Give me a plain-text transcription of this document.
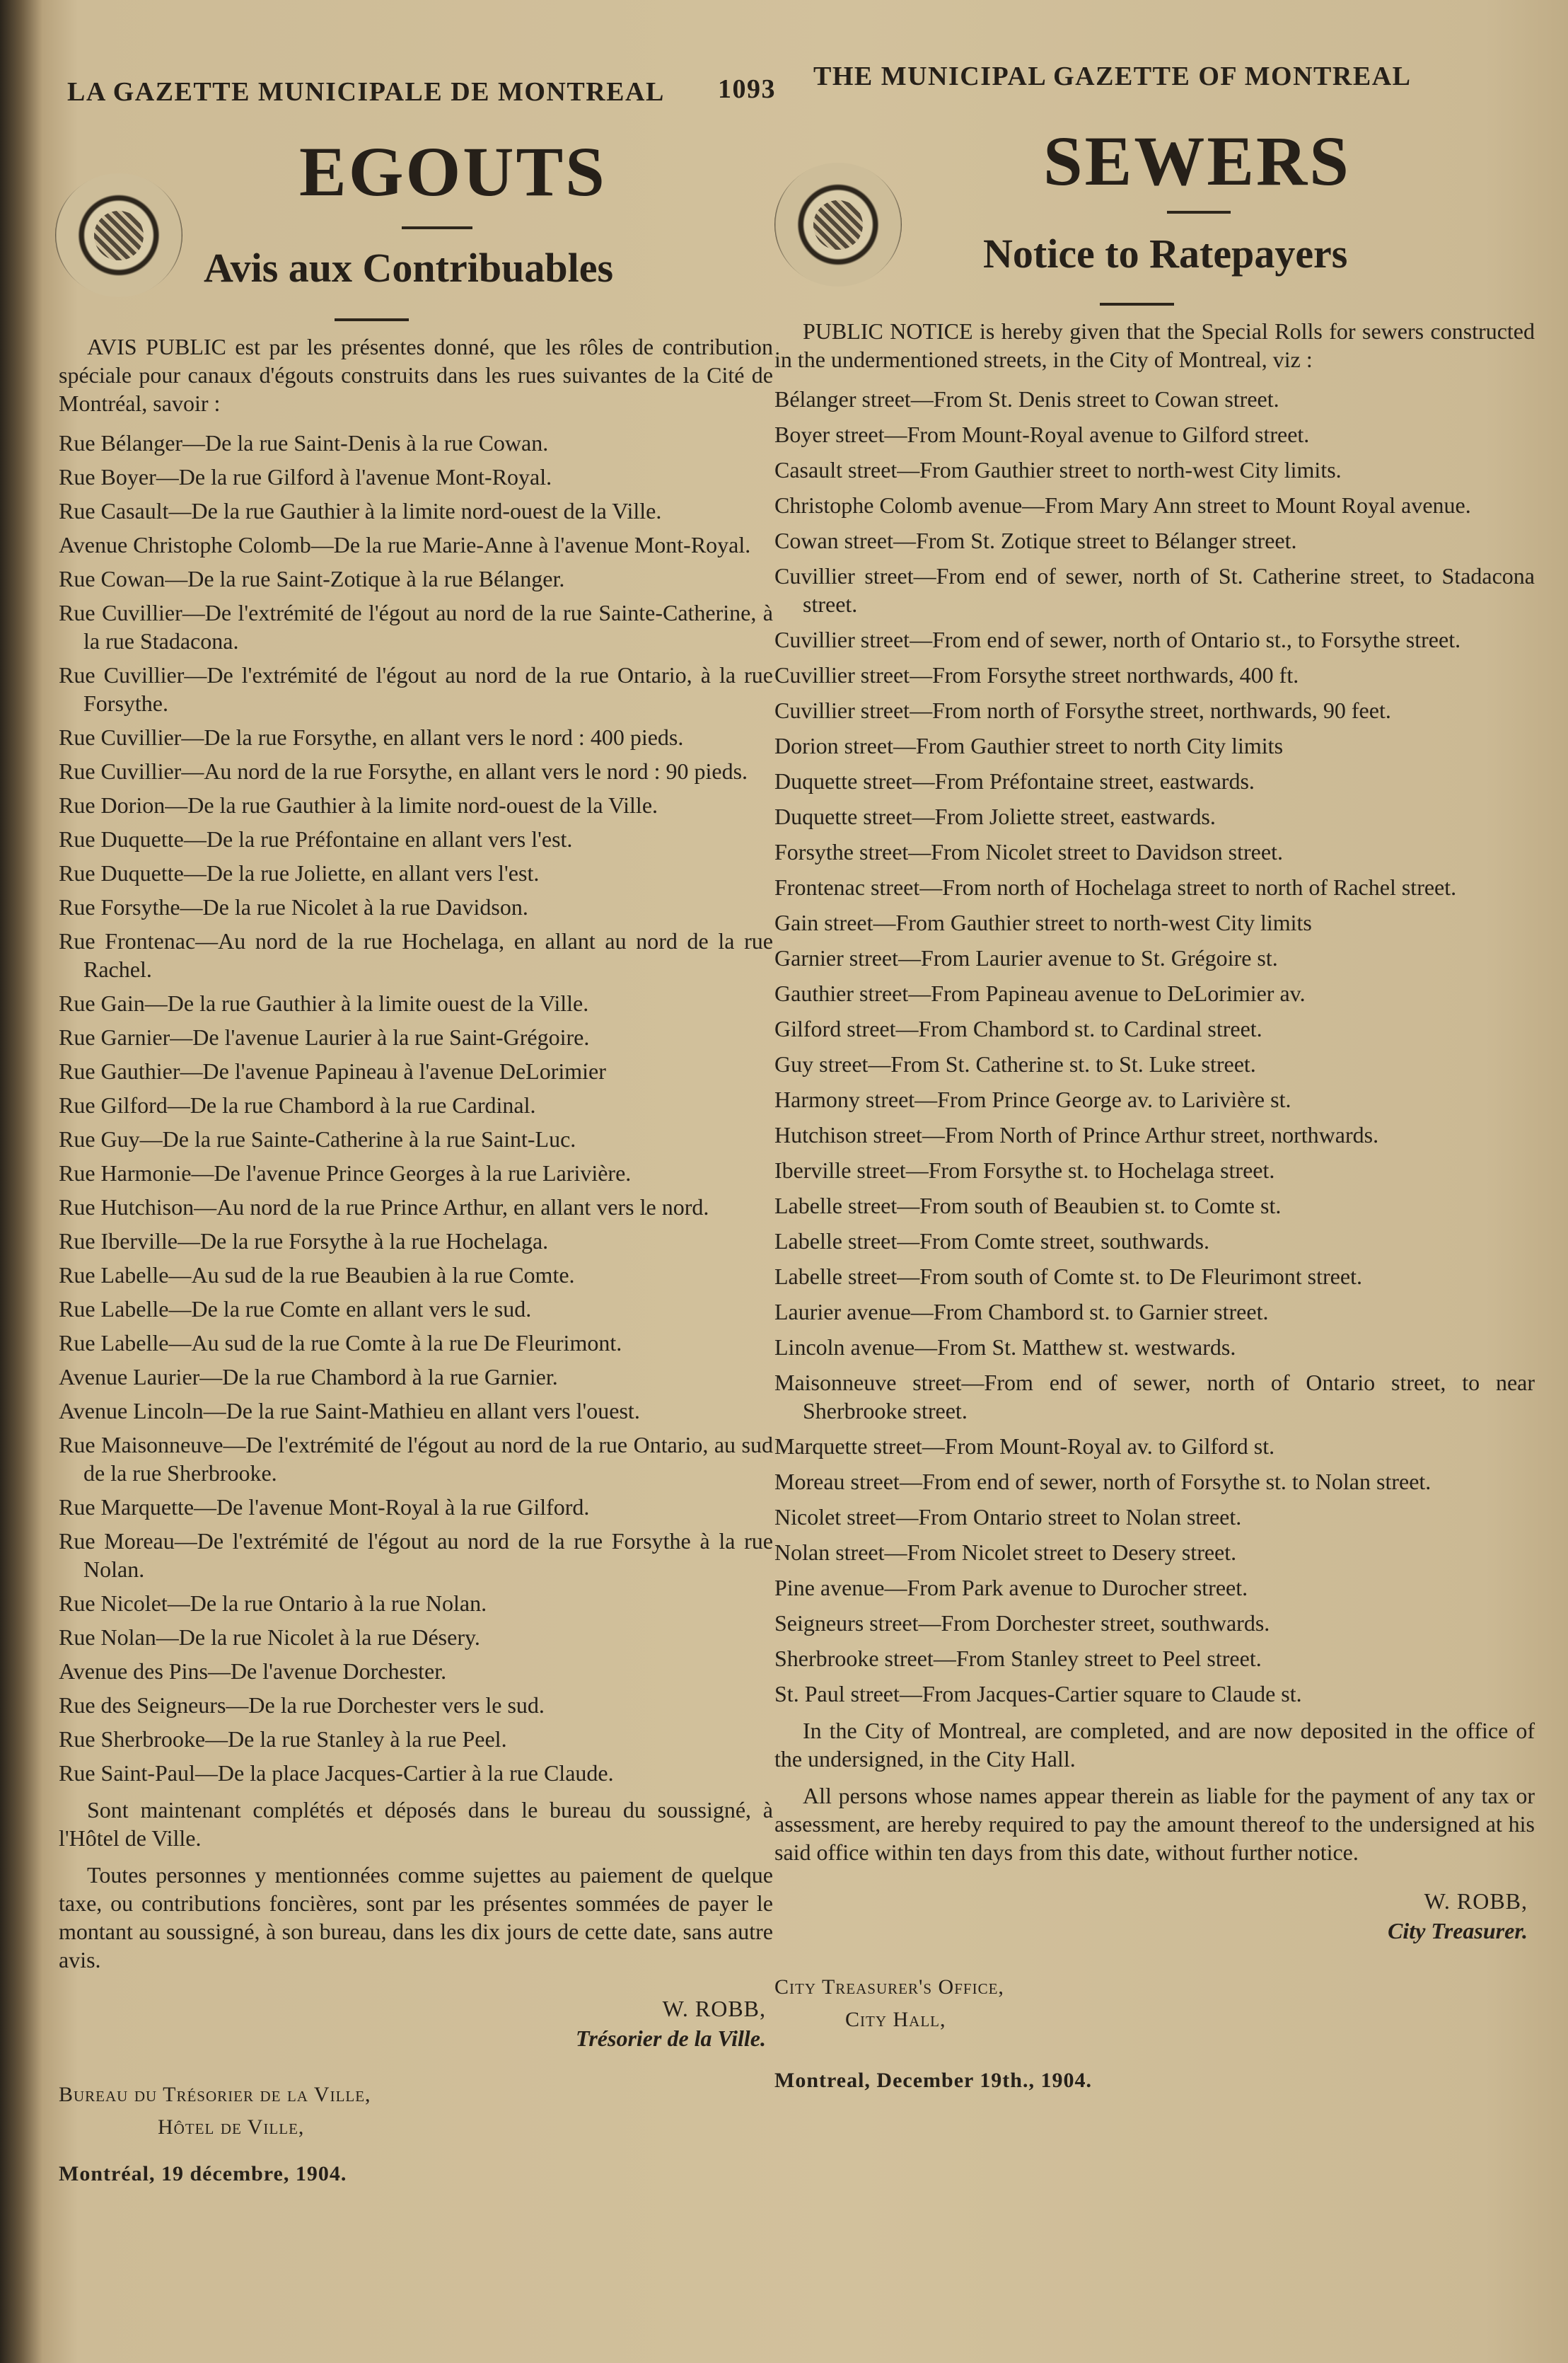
LA GAZETTE MUNICIPALE DE MONTREAL 1093 THE MUNICIPAL GAZETTE OF MONTREAL
EGOUTS
Avis aux Contribuables

AVIS PUBLIC est par les présentes donné, que les rôles de contribution spéciale pour canaux d'égouts construits dans les rues suivantes de la Cité de Montréal, savoir :

Rue Bélanger—De la rue Saint-Denis à la rue Cowan.

Rue Boyer—De la rue Gilford à l'avenue Mont-Royal.

Rue Casault—De la rue Gauthier à la limite nord-ouest de la Ville.

Avenue Christophe Colomb—De la rue Marie-Anne à l'avenue Mont-Royal.

Rue Cowan—De la rue Saint-Zotique à la rue Bélanger.

Rue Cuvillier—De l'extrémité de l'égout au nord de la rue Sainte-Catherine, à la rue Stadacona.

Rue Cuvillier—De l'extrémité de l'égout au nord de la rue Ontario, à la rue Forsythe.

Rue Cuvillier—De la rue Forsythe, en allant vers le nord : 400 pieds.

Rue Cuvillier—Au nord de la rue Forsythe, en allant vers le nord : 90 pieds.

Rue Dorion—De la rue Gauthier à la limite nord-ouest de la Ville.

Rue Duquette—De la rue Préfontaine en allant vers l'est.

Rue Duquette—De la rue Joliette, en allant vers l'est.

Rue Forsythe—De la rue Nicolet à la rue Davidson.

Rue Frontenac—Au nord de la rue Hochelaga, en allant au nord de la rue Rachel.

Rue Gain—De la rue Gauthier à la limite ouest de la Ville.

Rue Garnier—De l'avenue Laurier à la rue Saint-Grégoire.

Rue Gauthier—De l'avenue Papineau à l'avenue DeLorimier

Rue Gilford—De la rue Chambord à la rue Cardinal.

Rue Guy—De la rue Sainte-Catherine à la rue Saint-Luc.

Rue Harmonie—De l'avenue Prince Georges à la rue Larivière.

Rue Hutchison—Au nord de la rue Prince Arthur, en allant vers le nord.

Rue Iberville—De la rue Forsythe à la rue Hochelaga.

Rue Labelle—Au sud de la rue Beaubien à la rue Comte.

Rue Labelle—De la rue Comte en allant vers le sud.

Rue Labelle—Au sud de la rue Comte à la rue De Fleurimont.

Avenue Laurier—De la rue Chambord à la rue Garnier.

Avenue Lincoln—De la rue Saint-Mathieu en allant vers l'ouest.

Rue Maisonneuve—De l'extrémité de l'égout au nord de la rue Ontario, au sud de la rue Sherbrooke.

Rue Marquette—De l'avenue Mont-Royal à la rue Gilford.

Rue Moreau—De l'extrémité de l'égout au nord de la rue Forsythe à la rue Nolan.

Rue Nicolet—De la rue Ontario à la rue Nolan.

Rue Nolan—De la rue Nicolet à la rue Désery.

Avenue des Pins—De l'avenue Dorchester.

Rue des Seigneurs—De la rue Dorchester vers le sud.

Rue Sherbrooke—De la rue Stanley à la rue Peel.

Rue Saint-Paul—De la place Jacques-Cartier à la rue Claude.

Sont maintenant complétés et déposés dans le bureau du soussigné, à l'Hôtel de Ville.

Toutes personnes y mentionnées comme sujettes au paiement de quelque taxe, ou contributions foncières, sont par les présentes sommées de payer le montant au soussigné, à son bureau, dans les dix jours de cette date, sans autre avis.

W. ROBB,
Trésorier de la Ville.
Bureau du Trésorier de la Ville,
Hôtel de Ville,
Montréal, 19 décembre, 1904.
SEWERS
Notice to Ratepayers

PUBLIC NOTICE is hereby given that the Special Rolls for sewers constructed in the undermentioned streets, in the City of Montreal, viz :

Bélanger street—From St. Denis street to Cowan street.

Boyer street—From Mount-Royal avenue to Gilford street.

Casault street—From Gauthier street to north-west City limits.

Christophe Colomb avenue—From Mary Ann street to Mount Royal avenue.

Cowan street—From St. Zotique street to Bélanger street.

Cuvillier street—From end of sewer, north of St. Catherine street, to Stadacona street.

Cuvillier street—From end of sewer, north of Ontario st., to Forsythe street.

Cuvillier street—From Forsythe street northwards, 400 ft.

Cuvillier street—From north of Forsythe street, northwards, 90 feet.

Dorion street—From Gauthier street to north City limits

Duquette street—From Préfontaine street, eastwards.

Duquette street—From Joliette street, eastwards.

Forsythe street—From Nicolet street to Davidson street.

Frontenac street—From north of Hochelaga street to north of Rachel street.

Gain street—From Gauthier street to north-west City limits

Garnier street—From Laurier avenue to St. Grégoire st.

Gauthier street—From Papineau avenue to DeLorimier av.

Gilford street—From Chambord st. to Cardinal street.

Guy street—From St. Catherine st. to St. Luke street.

Harmony street—From Prince George av. to Larivière st.

Hutchison street—From North of Prince Arthur street, northwards.

Iberville street—From Forsythe st. to Hochelaga street.

Labelle street—From south of Beaubien st. to Comte st.

Labelle street—From Comte street, southwards.

Labelle street—From south of Comte st. to De Fleurimont street.

Laurier avenue—From Chambord st. to Garnier street.

Lincoln avenue—From St. Matthew st. westwards.

Maisonneuve street—From end of sewer, north of Ontario street, to near Sherbrooke street.

Marquette street—From Mount-Royal av. to Gilford st.

Moreau street—From end of sewer, north of Forsythe st. to Nolan street.

Nicolet street—From Ontario street to Nolan street.

Nolan street—From Nicolet street to Desery street.

Pine avenue—From Park avenue to Durocher street.

Seigneurs street—From Dorchester street, southwards.

Sherbrooke street—From Stanley street to Peel street.

St. Paul street—From Jacques-Cartier square to Claude st.

In the City of Montreal, are completed, and are now deposited in the office of the undersigned, in the City Hall.

All persons whose names appear therein as liable for the payment of any tax or assessment, are hereby required to pay the amount thereof to the undersigned at his said office within ten days from this date, without further notice.

W. ROBB,
City Treasurer.
City Treasurer's Office,
City Hall,
Montreal, December 19th., 1904.
